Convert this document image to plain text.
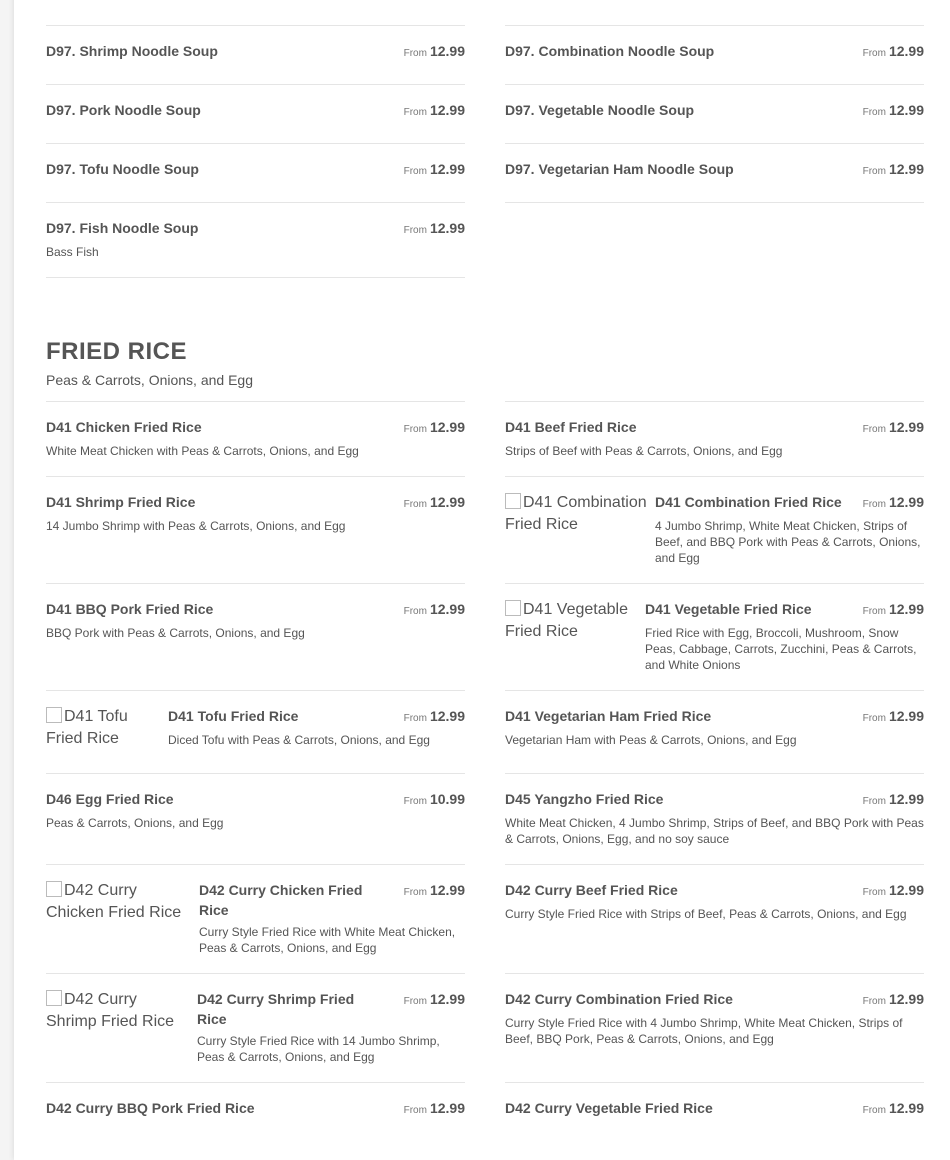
D97. Shrimp Noodle Soup	From 12.99	D97. Combination Noodle Soup	From 12.99
D97. Pork Noodle Soup	From 12.99	D97. Vegetable Noodle Soup	From 12.99
D97. Tofu Noodle Soup	From 12.99	D97. Vegetarian Ham Noodle Soup	From 12.99
D97. Fish Noodle Soup	From 12.99
Bass Fish
FRIED RICE
Peas & Carrots, Onions, and Egg
D41 Chicken Fried Rice	From 12.99
White Meat Chicken with Peas & Carrots, Onions, and Egg
D41 Beef Fried Rice	From 12.99
Strips of Beef with Peas & Carrots, Onions, and Egg
D41 Shrimp Fried Rice	From 12.99
14 Jumbo Shrimp with Peas & Carrots, Onions, and Egg
D41 Combination Fried Rice
D41 Combination Fried Rice From 12.99
4 Jumbo Shrimp, White Meat Chicken, Strips of Beef, and BBQ Pork with Peas & Carrots, Onions, and Egg
D41 BBQ Pork Fried Rice	From 12.99
BBQ Pork with Peas & Carrots, Onions, and Egg
D41 Vegetable Fried Rice
D41 Vegetable Fried Rice	From 12.99
Fried Rice with Egg, Broccoli, Mushroom, Snow Peas, Cabbage, Carrots, Zucchini, Peas & Carrots, and White Onions
D41 Tofu Fried Rice
D41 Tofu Fried Rice	From 12.99
Diced Tofu with Peas & Carrots, Onions, and Egg
D41 Vegetarian Ham Fried Rice	From 12.99
Vegetarian Ham with Peas & Carrots, Onions, and Egg
D46 Egg Fried Rice	From 10.99
Peas & Carrots, Onions, and Egg
D45 Yangzho Fried Rice	From 12.99
White Meat Chicken, 4 Jumbo Shrimp, Strips of Beef, and BBQ Pork with Peas & Carrots, Onions, Egg, and no soy sauce
D42 Curry Chicken Fried Rice
D42 Curry Chicken Fried Rice
From 12.99
Curry Style Fried Rice with White Meat Chicken, Peas & Carrots, Onions, and Egg
D42 Curry Beef Fried Rice	From 12.99
Curry Style Fried Rice with Strips of Beef, Peas & Carrots, Onions, and Egg
D42 Curry Shrimp Fried Rice
D42 Curry Shrimp Fried Rice
From 12.99
Curry Style Fried Rice with 14 Jumbo Shrimp, Peas & Carrots, Onions, and Egg
D42 Curry Combination Fried Rice	From 12.99
Curry Style Fried Rice with 4 Jumbo Shrimp, White Meat Chicken, Strips of Beef, BBQ Pork, Peas & Carrots, Onions, and Egg
D42 Curry BBQ Pork Fried Rice	From 12.99	D42 Curry Vegetable Fried Rice	From 12.99
